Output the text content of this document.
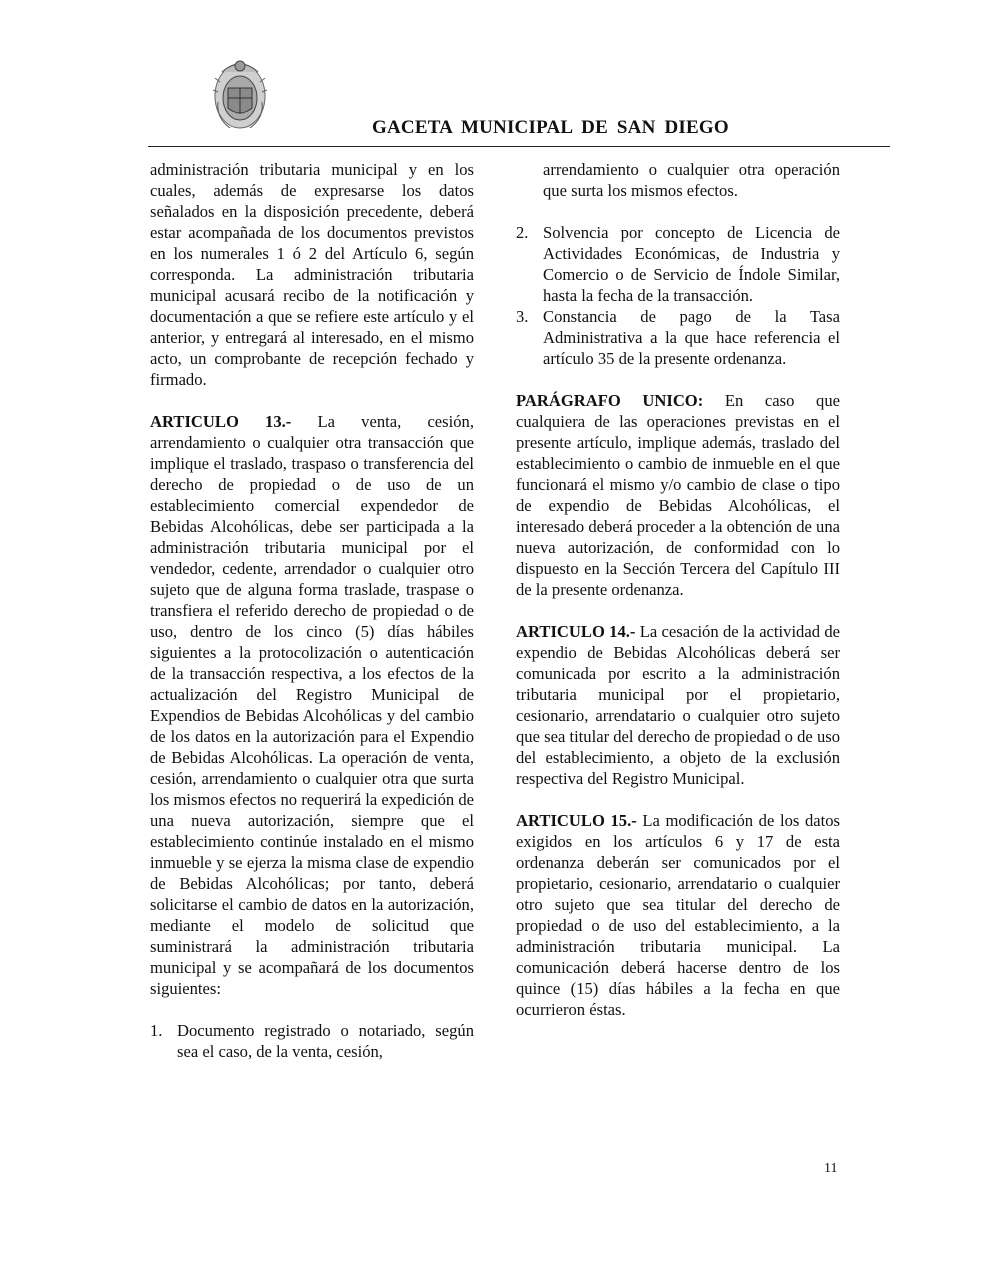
GACETA MUNICIPAL DE SAN DIEGO

administración tributaria municipal y en los cuales, además de expresarse los datos señalados en la disposición precedente, deberá estar acompañada de los documentos previstos en los numerales 1 ó 2 del Artículo 6, según corresponda. La administración tributaria municipal acusará recibo de la notificación y documentación a que se refiere este artículo y el anterior, y entregará al interesado, en el mismo acto, un comprobante de recepción fechado y firmado.

ARTICULO 13.- La venta, cesión, arrendamiento o cualquier otra transacción que implique el traslado, traspaso o transferencia del derecho de propiedad o de uso de un establecimiento comercial expendedor de Bebidas Alcohólicas, debe ser participada a la administración tributaria municipal por el vendedor, cedente, arrendador o cualquier otro sujeto que de alguna forma traslade, traspase o transfiera el referido derecho de propiedad o de uso, dentro de los cinco (5) días hábiles siguientes a la protocolización o autenticación de la transacción respectiva, a los efectos de la actualización del Registro Municipal de Expendios de Bebidas Alcohólicas y del cambio de los datos en la autorización para el Expendio de Bebidas Alcohólicas. La operación de venta, cesión, arrendamiento o cualquier otra que surta los mismos efectos no requerirá la expedición de una nueva autorización, siempre que el establecimiento continúe instalado en el mismo inmueble y se ejerza la misma clase de expendio de Bebidas Alcohólicas; por tanto, deberá solicitarse el cambio de datos en la autorización, mediante el modelo de solicitud que suministrará la administración tributaria municipal y se acompañará de los documentos siguientes:

1. Documento registrado o notariado, según sea el caso, de la venta, cesión,

arrendamiento o cualquier otra operación que surta los mismos efectos.

2. Solvencia por concepto de Licencia de Actividades Económicas, de Industria y Comercio o de Servicio de Índole Similar, hasta la fecha de la transacción.
3. Constancia de pago de la Tasa Administrativa a la que hace referencia el artículo 35 de la presente ordenanza.

PARÁGRAFO UNICO: En caso que cualquiera de las operaciones previstas en el presente artículo, implique además, traslado del establecimiento o cambio de inmueble en el que funcionará el mismo y/o cambio de clase o tipo de expendio de Bebidas Alcohólicas, el interesado deberá proceder a la obtención de una nueva autorización, de conformidad con lo dispuesto en la Sección Tercera del Capítulo III de la presente ordenanza.

ARTICULO 14.- La cesación de la actividad de expendio de Bebidas Alcohólicas deberá ser comunicada por escrito a la administración tributaria municipal por el propietario, cesionario, arrendatario o cualquier otro sujeto que sea titular del derecho de propiedad o de uso del establecimiento, a objeto de la exclusión respectiva del Registro Municipal.

ARTICULO 15.- La modificación de los datos exigidos en los artículos 6 y 17 de esta ordenanza deberán ser comunicados por el propietario, cesionario, arrendatario o cualquier otro sujeto que sea titular del derecho de propiedad o de uso del establecimiento, a la administración tributaria municipal. La comunicación deberá hacerse dentro de los quince (15) días hábiles a la fecha en que ocurrieron éstas.

11
